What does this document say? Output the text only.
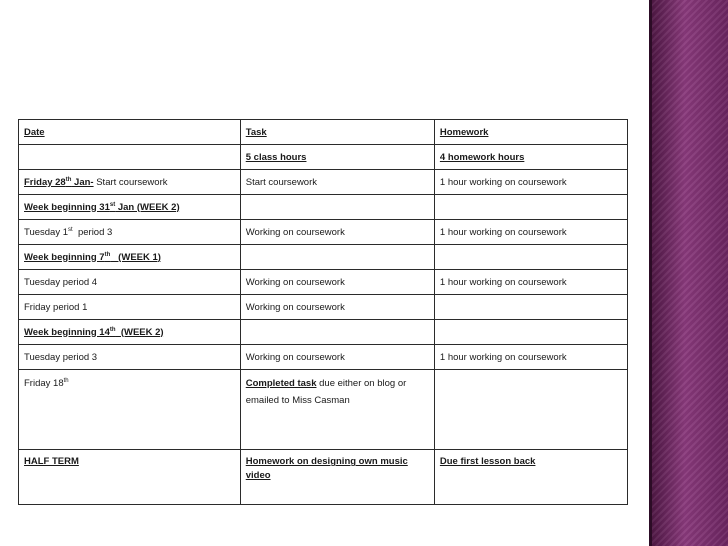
Date	Task	Homework
	5 class hours	4 homework hours
Friday 28th Jan- Start coursework	Start coursework	1 hour working on coursework
Week beginning 31st Jan (WEEK 2)		
Tuesday 1st  period 3	Working on coursework	1 hour working on coursework
Week beginning 7th   (WEEK 1)		
Tuesday period 4	Working on coursework	1 hour working on coursework
Friday period 1	Working on coursework	
Week beginning 14th  (WEEK 2)		
Tuesday period 3	Working on coursework	1 hour working on coursework
Friday 18th	Completed task due either on blog or emailed to Miss Casman	
HALF TERM	Homework on designing own music video	Due first lesson back
